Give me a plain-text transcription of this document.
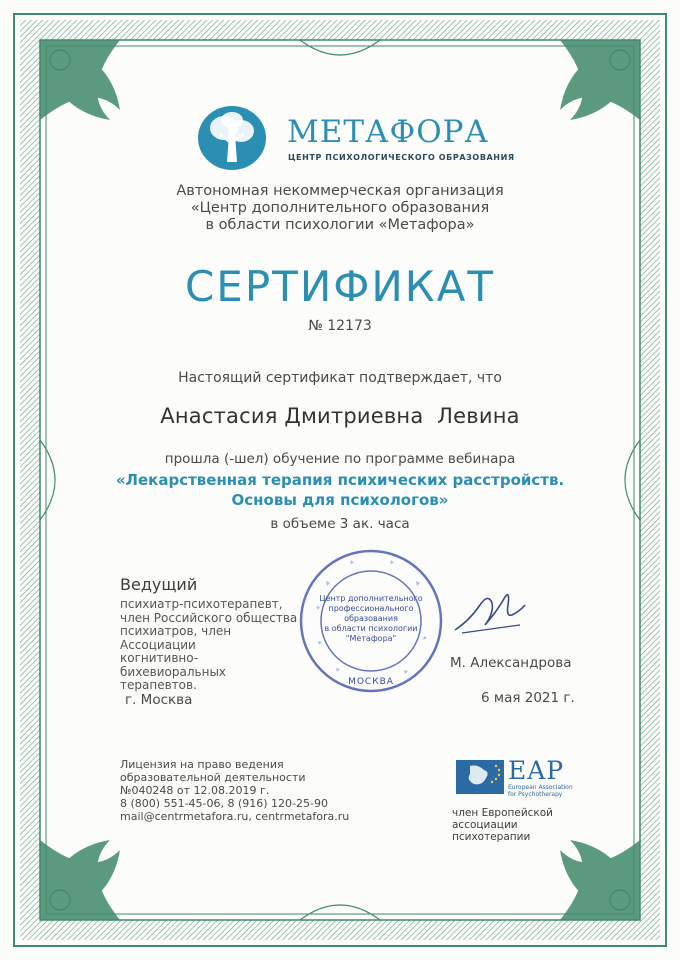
МЕТАФОРА
ЦЕНТР ПСИХОЛОГИЧЕСКОГО ОБРАЗОВАНИЯ
Автономная некоммерческая организация
«Центр дополнительного образования
в области психологии «Метафора»
СЕРТИФИКАТ
№ 12173
Настоящий сертификат подтверждает, что
Анастасия Дмитриевна  Левина
прошла (-шел) обучение по программе вебинара
«Лекарственная терапия психических расстройств.
Основы для психологов»
в объеме 3 ак. часа
Ведущий
психиатр-психотерапевт,
член Российского общества
психиатров, член Ассоциации
когнитивно-бихевиоральных
терапевтов.
Центр дополнительного
профессионального
образования
в области психологии
"Метафора"
МОСКВА
М. Александрова
г. Москва	6 мая 2021 г.
Лицензия на право ведения
образовательной деятельности
№040248 от 12.08.2019 г.
8 (800) 551-45-06, 8 (916) 120-25-90
mail@centrmetafora.ru, centrmetafora.ru
EAP
European Association
for Psychotherapy
член Европейской
ассоциации психотерапии
